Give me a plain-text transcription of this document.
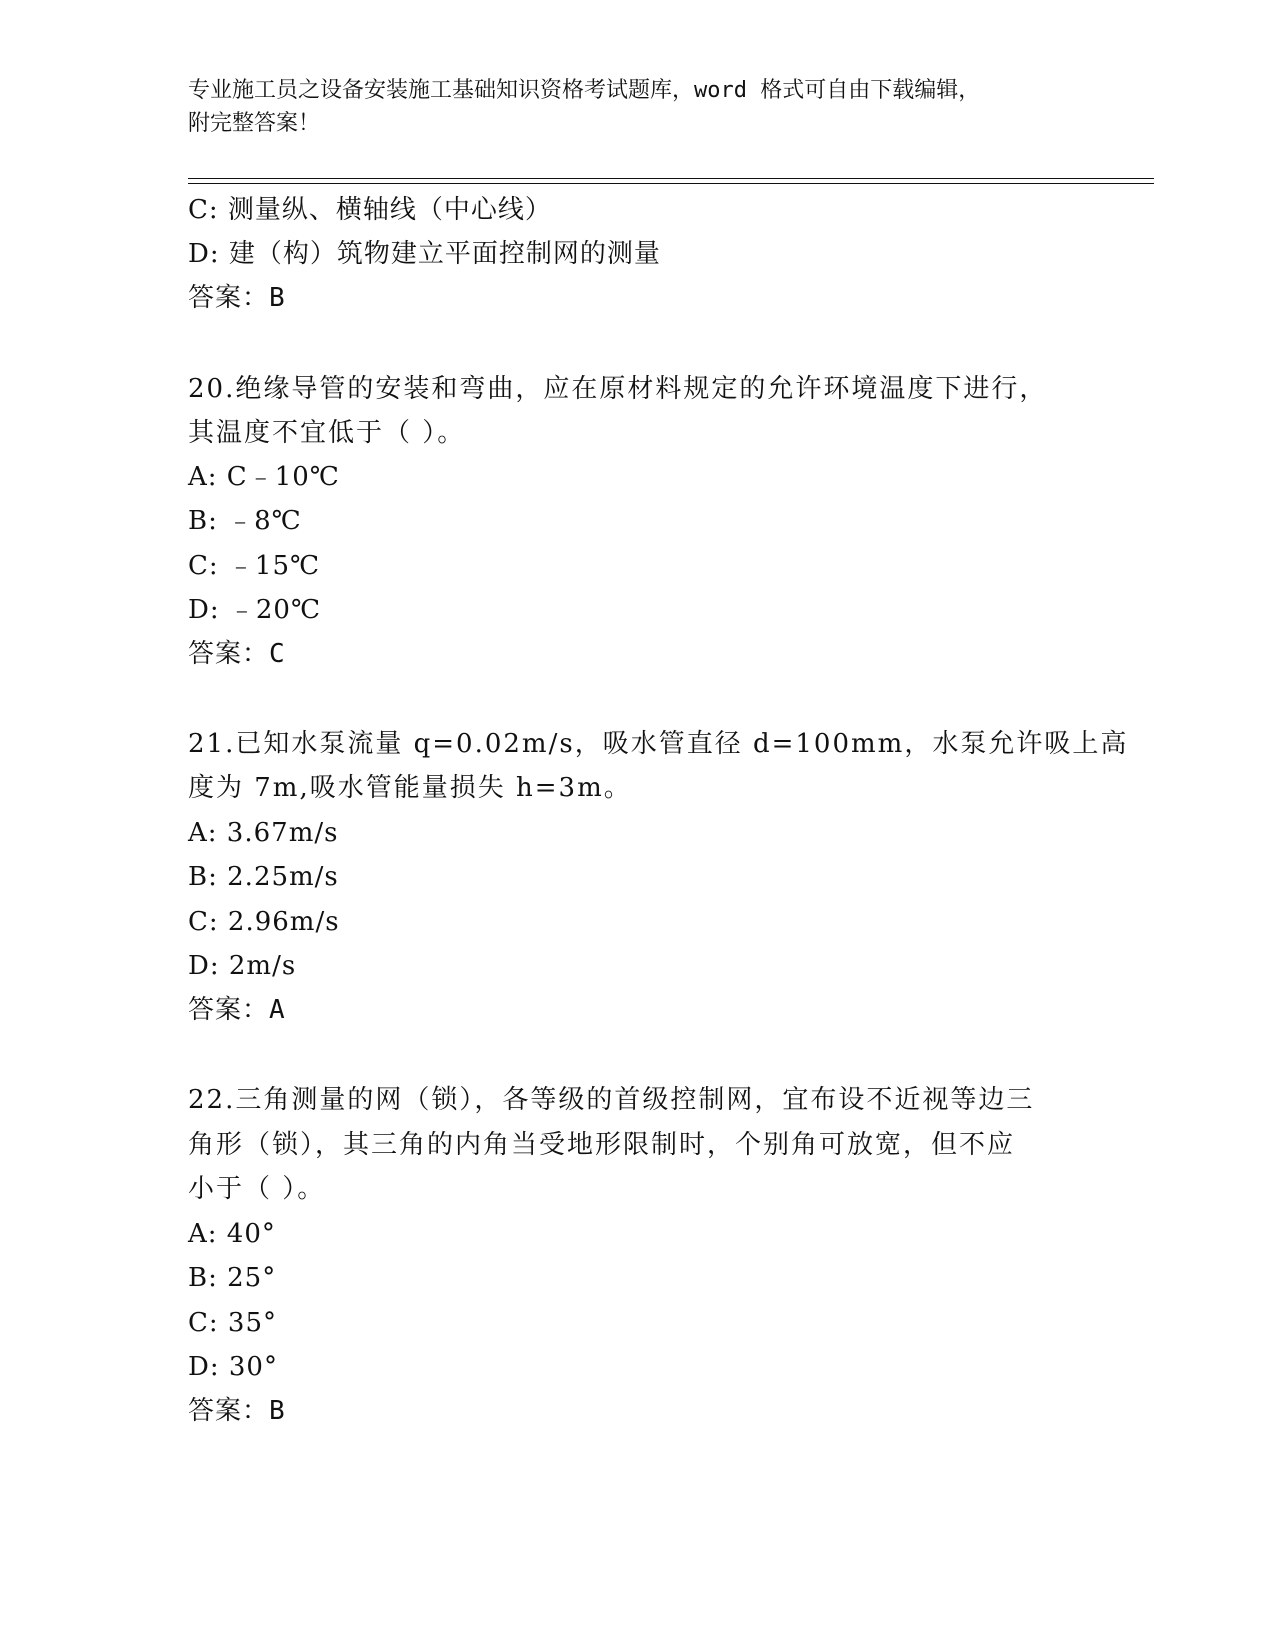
专业施工员之设备安装施工基础知识资格考试题库，word 格式可自由下载编辑，
附完整答案！
C: 测量纵、横轴线（中心线）
D: 建（构）筑物建立平面控制网的测量
答案：B
20.绝缘导管的安装和弯曲，应在原材料规定的允许环境温度下进行，
其温度不宜低于（ ）。
A: C﹣10℃
B: ﹣8℃
C: ﹣15℃
D: ﹣20℃
答案：C
21.已知水泵流量 q=0.02m/s，吸水管直径 d=100mm，水泵允许吸上高
度为 7m,吸水管能量损失 h=3m。
A: 3.67m/s
B: 2.25m/s
C: 2.96m/s
D: 2m/s
答案：A
22.三角测量的网（锁），各等级的首级控制网，宜布设不近视等边三
角形（锁），其三角的内角当受地形限制时，个别角可放宽，但不应
小于（ ）。
A: 40°
B: 25°
C: 35°
D: 30°
答案：B
